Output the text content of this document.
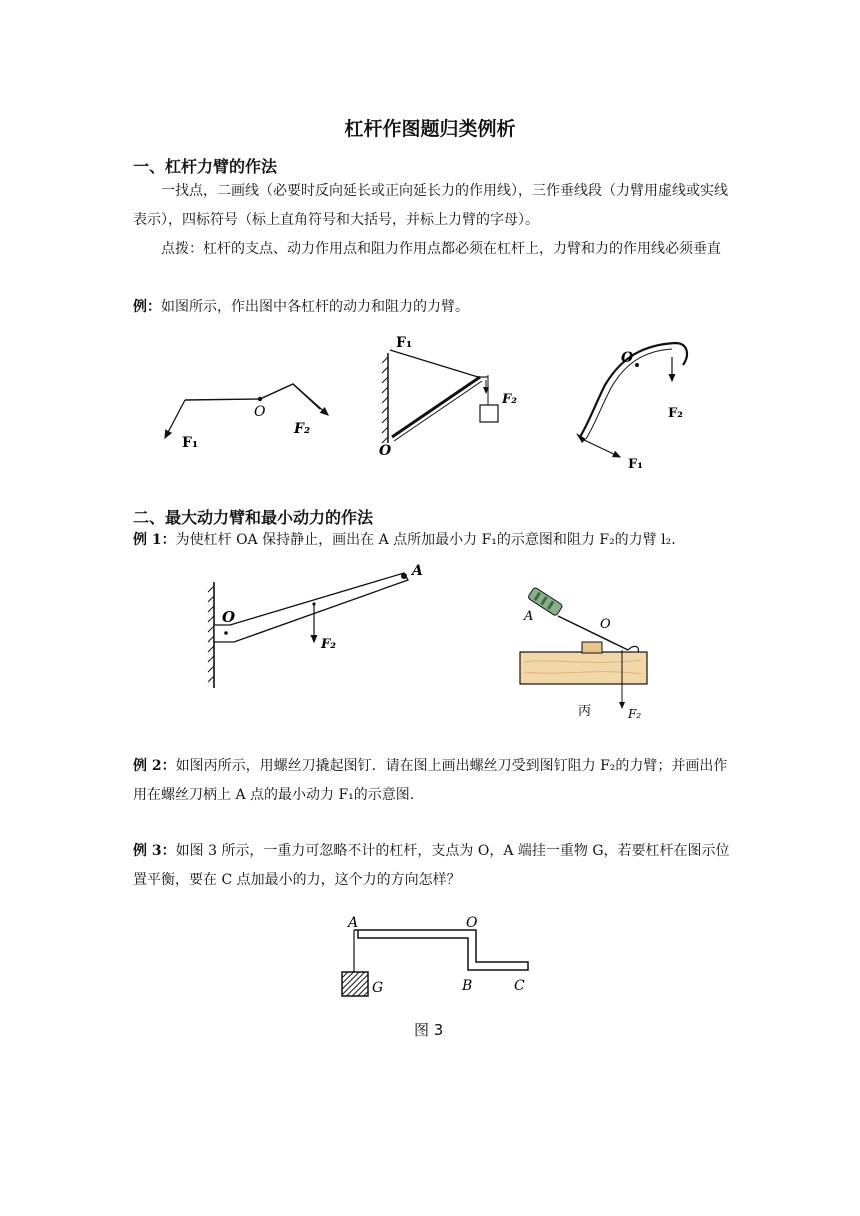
杠杆作图题归类例析
一、杠杆力臂的作法
一找点，二画线（必要时反向延长或正向延长力的作用线），三作垂线段（力臂用虚线或实线表示），四标符号（标上直角符号和大括号，并标上力臂的字母）。
点拨：杠杆的支点、动力作用点和阻力作用点都必须在杠杆上，力臂和力的作用线必须垂直
例：如图所示，作出图中各杠杆的动力和阻力的力臂。
O
F₁
F₂
F₁
F₂
O
O
F₂
F₁
二、最大动力臂和最小动力的作法
例 1：为使杠杆 OA 保持静止，画出在 A 点所加最小力 F₁的示意图和阻力 F₂的力臂 l₂.
A
O
F₂
A
O
丙	F₂
例 2：如图丙所示，用螺丝刀撬起图钉．请在图上画出螺丝刀受到图钉阻力 F₂的力臂；并画出作用在螺丝刀柄上 A 点的最小动力 F₁的示意图.
例 3：如图 3 所示，一重力可忽略不计的杠杆，支点为 O，A 端挂一重物 G，若要杠杆在图示位置平衡，要在 C 点加最小的力，这个力的方向怎样？
A	O
G	B	C
图 3
